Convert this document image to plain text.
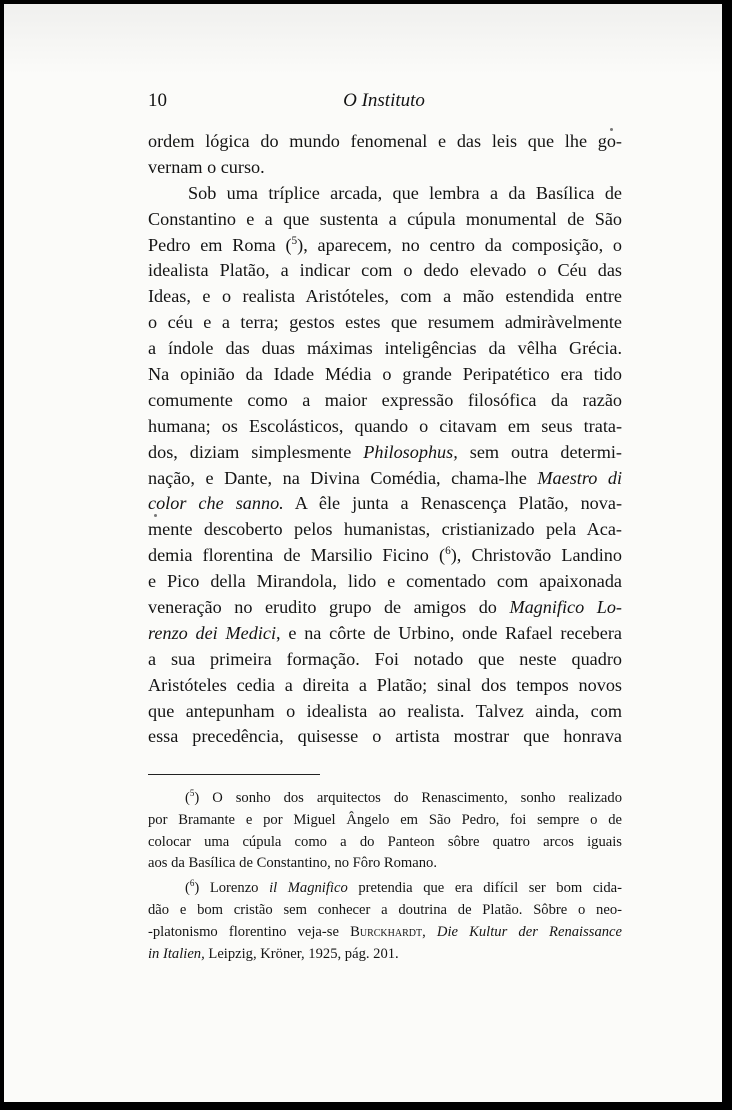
10	O Instituto
ordem lógica do mundo fenomenal e das leis que lhe go-
vernam o curso.
Sob uma tríplice arcada, que lembra a da Basílica de
Constantino e a que sustenta a cúpula monumental de São
Pedro em Roma ($^5$), aparecem, no centro da composição, o
idealista Platão, a indicar com o dedo elevado o Céu das
Ideas, e o realista Aristóteles, com a mão estendida entre
o céu e a terra; gestos estes que resumem admiràvelmente
a índole das duas máximas inteligências da vêlha Grécia.
Na opinião da Idade Média o grande Peripatético era tido
comumente como a maior expressão filosófica da razão
humana; os Escolásticos, quando o citavam em seus trata-
dos, diziam simplesmente Philosophus, sem outra determi-
nação, e Dante, na Divina Comédia, chama-lhe Maestro di
color che sanno. A êle junta a Renascença Platão, nova-
mente descoberto pelos humanistas, cristianizado pela Aca-
demia florentina de Marsilio Ficino ($^6$), Christovão Landino
e Pico della Mirandola, lido e comentado com apaixonada
veneração no erudito grupo de amigos do Magnifico Lo-
renzo dei Medici, e na côrte de Urbino, onde Rafael recebera
a sua primeira formação. Foi notado que neste quadro
Aristóteles cedia a direita a Platão; sinal dos tempos novos
que antepunham o idealista ao realista. Talvez ainda, com
essa precedência, quisesse o artista mostrar que honrava
($^5$) O sonho dos arquitectos do Renascimento, sonho realizado
por Bramante e por Miguel Ângelo em São Pedro, foi sempre o de
colocar uma cúpula como a do Panteon sôbre quatro arcos iguais
aos da Basílica de Constantino, no Fôro Romano.
($^6$) Lorenzo il Magnifico pretendia que era difícil ser bom cida-
dão e bom cristão sem conhecer a doutrina de Platão. Sôbre o neo-
-platonismo florentino veja-se Burckhardt, Die Kultur der Renaissance
in Italien, Leipzig, Kröner, 1925, pág. 201.
